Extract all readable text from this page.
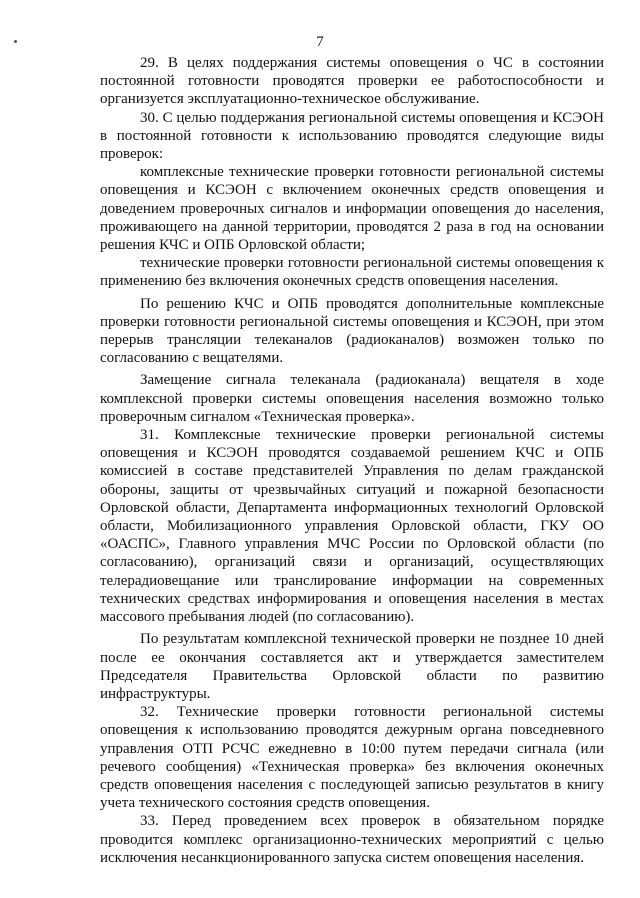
7

29. В целях поддержания системы оповещения о ЧС в состоянии постоянной готовности проводятся проверки ее работоспособности и организуется эксплуатационно-техническое обслуживание.

30. С целью поддержания региональной системы оповещения и КСЭОН в постоянной готовности к использованию проводятся следующие виды проверок:

комплексные технические проверки готовности региональной системы оповещения и КСЭОН с включением оконечных средств оповещения и доведением проверочных сигналов и информации оповещения до населения, проживающего на данной территории, проводятся 2 раза в год на основании решения КЧС и ОПБ Орловской области;

технические проверки готовности региональной системы оповещения к применению без включения оконечных средств оповещения населения.

По решению КЧС и ОПБ проводятся дополнительные комплексные проверки готовности региональной системы оповещения и КСЭОН, при этом перерыв трансляции телеканалов (радиоканалов) возможен только по согласованию с вещателями.

Замещение сигнала телеканала (радиоканала) вещателя в ходе комплексной проверки системы оповещения населения возможно только проверочным сигналом «Техническая проверка».

31. Комплексные технические проверки региональной системы оповещения и КСЭОН проводятся создаваемой решением КЧС и ОПБ комиссией в составе представителей Управления по делам гражданской обороны, защиты от чрезвычайных ситуаций и пожарной безопасности Орловской области, Департамента информационных технологий Орловской области, Мобилизационного управления Орловской области, ГКУ ОО «ОАСПС», Главного управления МЧС России по Орловской области (по согласованию), организаций связи и организаций, осуществляющих телерадиовещание или транслирование информации на современных технических средствах информирования и оповещения населения в местах массового пребывания людей (по согласованию).

По результатам комплексной технической проверки не позднее 10 дней после ее окончания составляется акт и утверждается заместителем Председателя Правительства Орловской области по развитию инфраструктуры.

32. Технические проверки готовности региональной системы оповещения к использованию проводятся дежурным органа повседневного управления ОТП РСЧС ежедневно в 10:00 путем передачи сигнала (или речевого сообщения) «Техническая проверка» без включения оконечных средств оповещения населения с последующей записью результатов в книгу учета технического состояния средств оповещения.

33. Перед проведением всех проверок в обязательном порядке проводится комплекс организационно-технических мероприятий с целью исключения несанкционированного запуска систем оповещения населения.
